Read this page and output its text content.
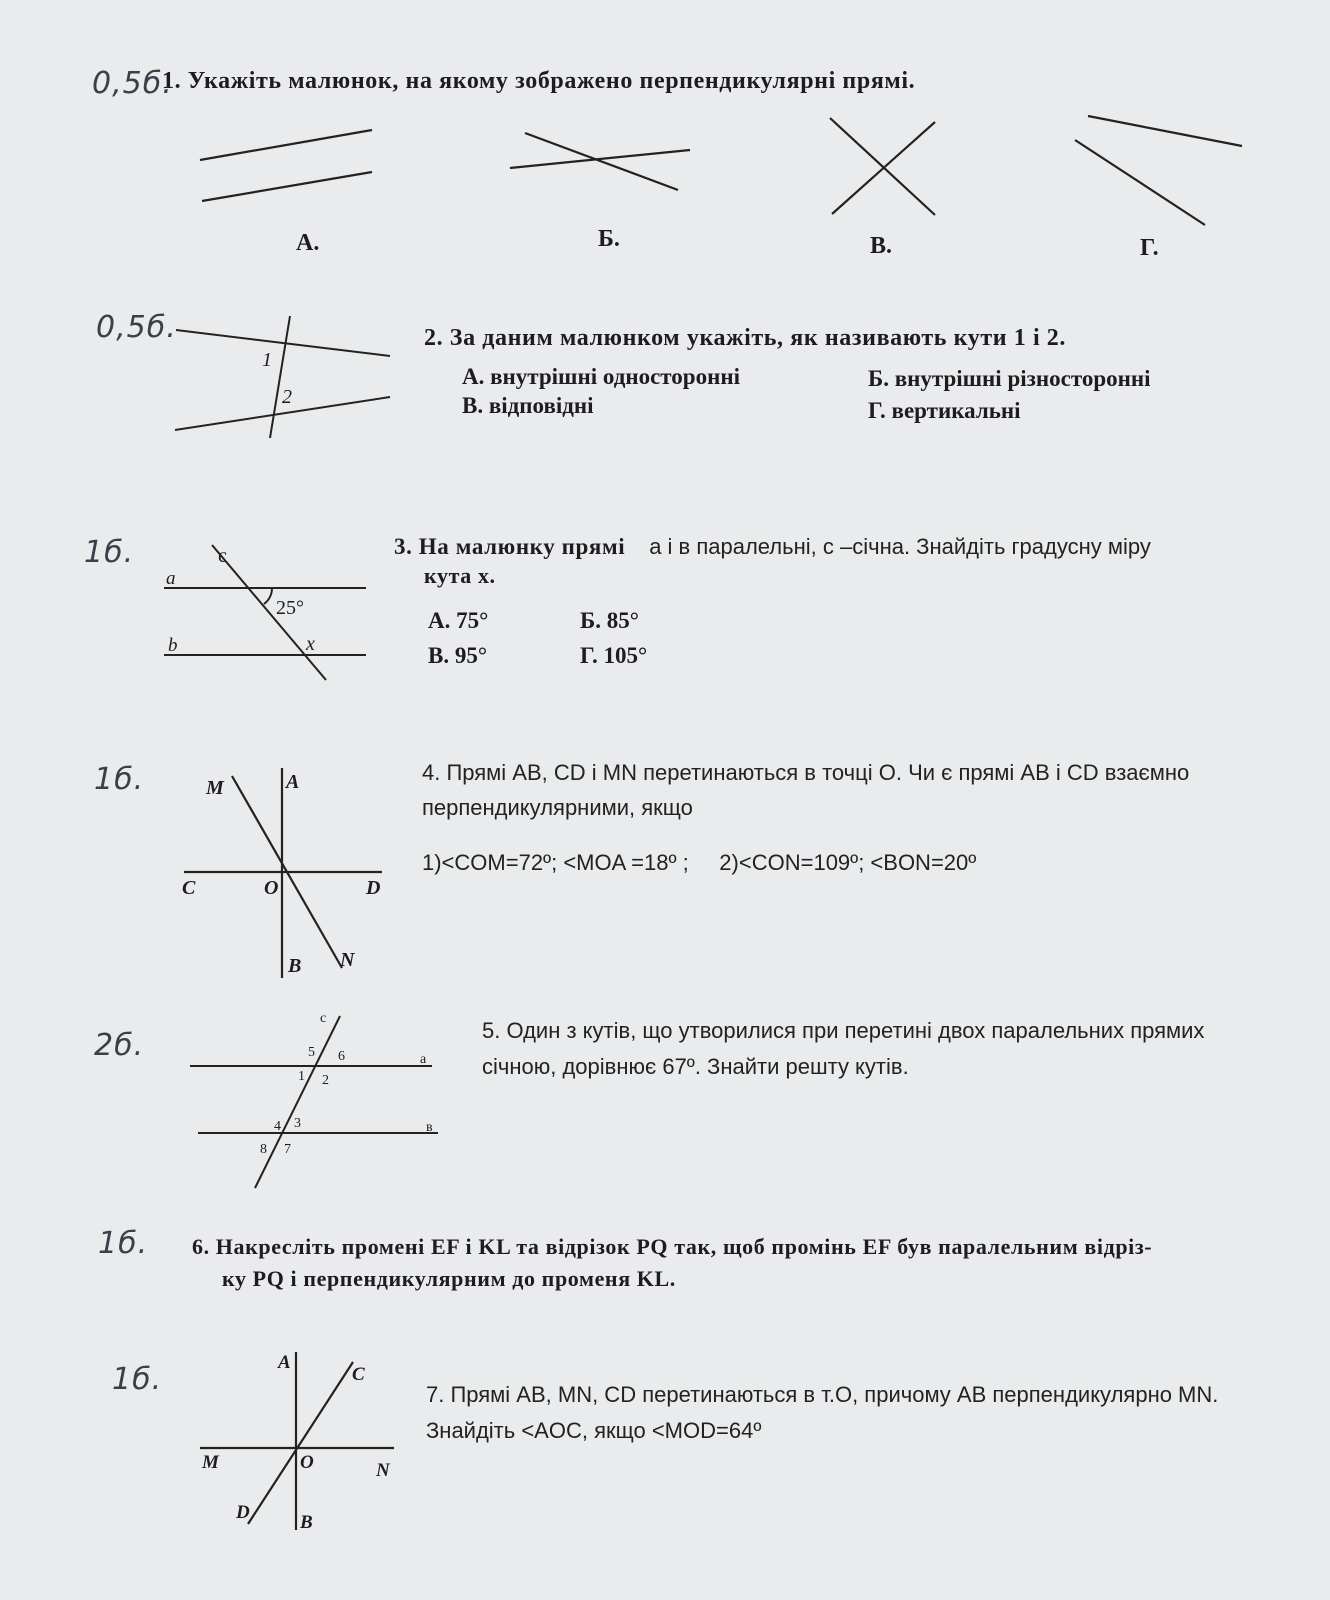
0,5б.
1. Укажіть малюнок, на якому зображено перпендикулярні прямі.
А.	Б.	В.	Г.
0,5б.
1
2
2. За даним малюнком укажіть, як називають кути 1 і 2.
А. внутрішні односторонні	Б. внутрішні різносторонні
В. відповідні	Г. вертикальні
1б.	c
a
b
25°
x
3. На малюнку прямі а і в паралельні, с –січна. Знайдіть градусну міру
кута x.
А. 75°	Б. 85°
В. 95°	Г. 105°
1б.	M	A
C	O	D
B N
4. Прямі AB, CD і MN перетинаються в точці О. Чи є прямі AB і CD взаємно
перпендикулярними, якщо
1)<COM=72º; <MOA =18º ;     2)<CON=109º; <BON=20º
2б.
c
a
в
5 6
1 2
4 3
8 7
5. Один з кутів, що утворилися при перетині двох паралельних прямих
січною, дорівнює 67º. Знайти решту кутів.
1б. 6. Накресліть промені EF і KL та відрізок PQ так, щоб промінь EF був паралельним відріз-
ку PQ і перпендикулярним до променя KL.
1б.	A
C
M	O	N
D	B
7. Прямі AB, MN, CD перетинаються в т.О, причому AB перпендикулярно MN.
Знайдіть <AOC, якщо <MOD=64º
